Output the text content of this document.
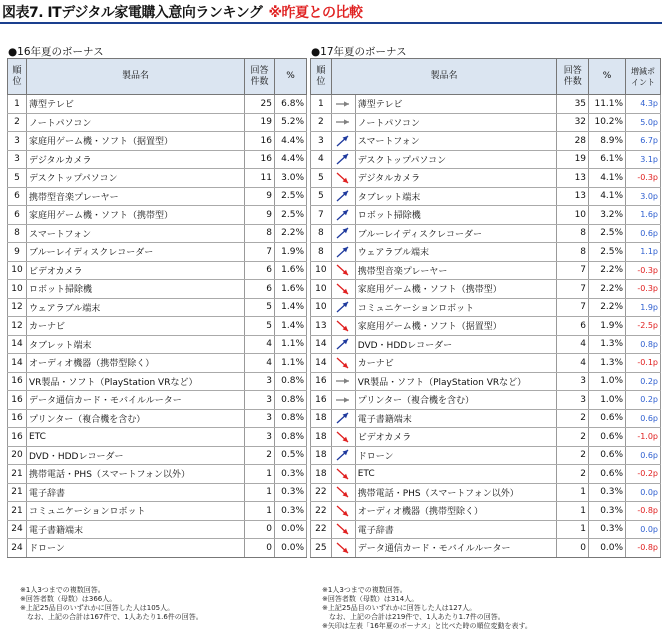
図表7. ITデジタル家電購入意向ランキング ※昨夏との比較
●16年夏のボーナス	●17年夏のボーナス
順
位	製品名	回答
件数	%
1	薄型テレビ	25	6.8%
2	ノートパソコン	19	5.2%
3	家庭用ゲーム機・ソフト（据置型）	16	4.4%
3	デジタルカメラ	16	4.4%
5	デスクトップパソコン	11	3.0%
6	携帯型音楽プレーヤー	9	2.5%
6	家庭用ゲーム機・ソフト（携帯型）	9	2.5%
8	スマートフォン	8	2.2%
9	ブルーレイディスクレコーダー	7	1.9%
10	ビデオカメラ	6	1.6%
10	ロボット掃除機	6	1.6%
12	ウェアラブル端末	5	1.4%
12	カーナビ	5	1.4%
14	タブレット端末	4	1.1%
14	オーディオ機器（携帯型除く）	4	1.1%
16	VR製品・ソフト（PlayStation VRなど）	3	0.8%
16	データ通信カード・モバイルルーター	3	0.8%
16	プリンター（複合機を含む）	3	0.8%
16	ETC	3	0.8%
20	DVD・HDDレコーダー	2	0.5%
21	携帯電話・PHS（スマートフォン以外）	1	0.3%
21	電子辞書	1	0.3%
21	コミュニケーションロボット	1	0.3%
24	電子書籍端末	0	0.0%
24	ドローン	0	0.0%
順
位	製品名		回答
件数	%	増減ポ
イント
1		薄型テレビ	35	11.1%	4.3p
2		ノートパソコン	32	10.2%	5.0p
3		スマートフォン	28	8.9%	6.7p
4		デスクトップパソコン	19	6.1%	3.1p
5		デジタルカメラ	13	4.1%	-0.3p
5		タブレット端末	13	4.1%	3.0p
7		ロボット掃除機	10	3.2%	1.6p
8		ブルーレイディスクレコーダー	8	2.5%	0.6p
8		ウェアラブル端末	8	2.5%	1.1p
10		携帯型音楽プレーヤー	7	2.2%	-0.3p
10		家庭用ゲーム機・ソフト（携帯型）	7	2.2%	-0.3p
10		コミュニケーションロボット	7	2.2%	1.9p
13		家庭用ゲーム機・ソフト（据置型）	6	1.9%	-2.5p
14		DVD・HDDレコーダー	4	1.3%	0.8p
14		カーナビ	4	1.3%	-0.1p
16		VR製品・ソフト（PlayStation VRなど）	3	1.0%	0.2p
16		プリンター（複合機を含む）	3	1.0%	0.2p
18		電子書籍端末	2	0.6%	0.6p
18		ビデオカメラ	2	0.6%	-1.0p
18		ドローン	2	0.6%	0.6p
18		ETC	2	0.6%	-0.2p
22		携帯電話・PHS（スマートフォン以外）	1	0.3%	0.0p
22		オーディオ機器（携帯型除く）	1	0.3%	-0.8p
22		電子辞書	1	0.3%	0.0p
25		データ通信カード・モバイルルーター	0	0.0%	-0.8p
※1人3つまでの複数回答。
※回答者数（母数）は366人。
※上記25品目のいずれかに回答した人は105人。
　なお、上記の合計は167件で、1人あたり1.6件の回答。
※1人3つまでの複数回答。
※回答者数（母数）は314人。
※上記25品目のいずれかに回答した人は127人。
　なお、上記の合計は219件で、1人あたり1.7件の回答。
※矢印は左表「16年夏のボーナス」と比べた時の順位変動を表す。
